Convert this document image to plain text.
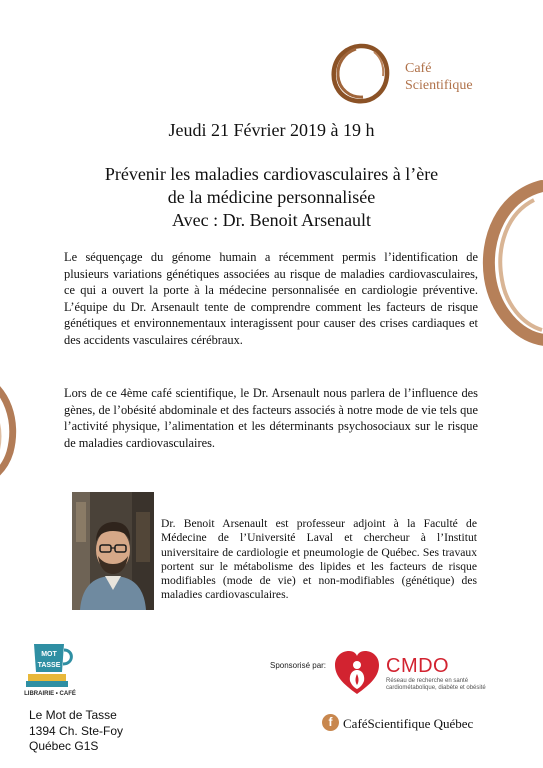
Café
Scientifique
Jeudi 21 Février 2019 à 19 h
Prévenir les maladies cardiovasculaires à l’ère
de la médicine personnalisée
Avec : Dr. Benoit Arsenault

Le séquençage du génome humain a récemment permis l’identification de plusieurs variations génétiques associées au risque de maladies cardiovasculaires, ce qui a ouvert la porte à la médecine personnalisée en cardiologie préventive. L’équipe du Dr. Arsenault tente de comprendre comment les facteurs de risque génétiques et environnementaux interagissent pour causer des crises cardiaques et des accidents vasculaires cérébraux.

Lors de ce 4ème café scientifique, le Dr. Arsenault nous parlera de l’influence des gènes, de l’obésité abdominale et des facteurs associés à notre mode de vie tels que l’activité physique, l’alimentation et les déterminants psychosociaux sur le risque de maladies cardiovasculaires.

Dr. Benoit Arsenault est professeur adjoint à la Faculté de Médecine de l’Université Laval et chercheur à l’Institut universitaire de cardiologie et pneumologie de Québec. Ses travaux portent sur le métabolisme des lipides et les facteurs de risque modifiables (mode de vie) et non-modifiables (génétique) des maladies cardiovasculaires.

MOT
TASSE
LIBRAIRIE • CAFÉ
Sponsorisé par:	CMDO
Réseau de recherche en santé cardiométabolique, diabète et obésité
Le Mot de Tasse
1394 Ch. Ste-Foy
Québec G1S
f CaféScientifique Québec
